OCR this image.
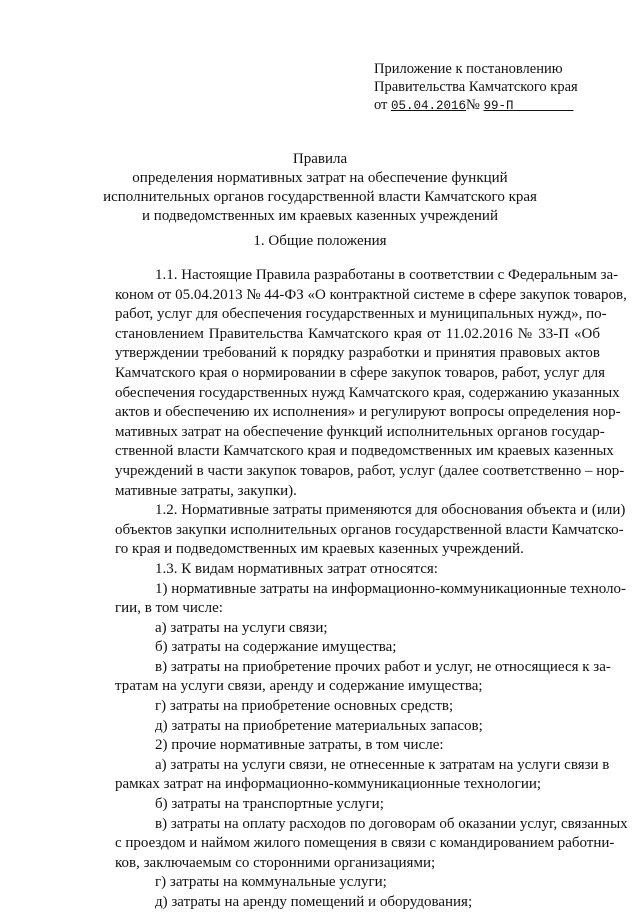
Приложение к постановлению
Правительства Камчатского края
от 05.04.2016№ 99-П
Правила
определения нормативных затрат на обеспечение функций
исполнительных органов государственной власти Камчатского края
и подведомственных им краевых казенных учреждений
1. Общие положения
1.1. Настоящие Правила разработаны в соответствии с Федеральным за-
коном от 05.04.2013 № 44-ФЗ «О контрактной системе в сфере закупок товаров,
работ, услуг для обеспечения государственных и муниципальных нужд», по-
становлением Правительства Камчатского края от 11.02.2016 № 33-П «Об
утверждении требований к порядку разработки и принятия правовых актов
Камчатского края о нормировании в сфере закупок товаров, работ, услуг для
обеспечения государственных нужд Камчатского края, содержанию указанных
актов и обеспечению их исполнения» и регулируют вопросы определения нор-
мативных затрат на обеспечение функций исполнительных органов государ-
ственной власти Камчатского края и подведомственных им краевых казенных
учреждений в части закупок товаров, работ, услуг (далее соответственно – нор-
мативные затраты, закупки).
1.2. Нормативные затраты применяются для обоснования объекта и (или)
объектов закупки исполнительных органов государственной власти Камчатско-
го края и подведомственных им краевых казенных учреждений.
1.3. К видам нормативных затрат относятся:
1) нормативные затраты на информационно-коммуникационные техноло-
гии, в том числе:
а) затраты на услуги связи;
б) затраты на содержание имущества;
в) затраты на приобретение прочих работ и услуг, не относящиеся к за-
тратам на услуги связи, аренду и содержание имущества;
г) затраты на приобретение основных средств;
д) затраты на приобретение материальных запасов;
2) прочие нормативные затраты, в том числе:
а) затраты на услуги связи, не отнесенные к затратам на услуги связи в
рамках затрат на информационно-коммуникационные технологии;
б) затраты на транспортные услуги;
в) затраты на оплату расходов по договорам об оказании услуг, связанных
с проездом и наймом жилого помещения в связи с командированием работни-
ков, заключаемым со сторонними организациями;
г) затраты на коммунальные услуги;
д) затраты на аренду помещений и оборудования;
